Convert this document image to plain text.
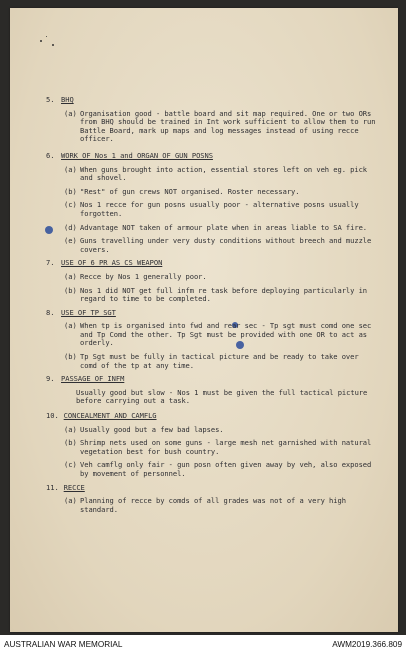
5. BHQ
(a) Organisation good - battle board and sit map required. One or two ORs from BHQ should be trained in Int work sufficient to allow them to run Battle Board, mark up maps and log messages instead of using recce officer.
6. WORK OF Nos 1 and ORGAN OF GUN POSNS
(a) When guns brought into action, essential stores left on veh eg. pick and shovel.
(b) "Rest" of gun crews NOT organised. Roster necessary.
(c) Nos 1 recce for gun posns usually poor - alternative posns usually forgotten.
(d) Advantage NOT taken of armour plate when in areas liable to SA fire.
(e) Guns travelling under very dusty conditions without breech and muzzle covers.
7. USE OF 6 PR AS CS WEAPON
(a) Recce by Nos 1 generally poor.
(b) Nos 1 did NOT get full infm re task before deploying particularly in regard to time to be completed.
8. USE OF TP SGT
(a) When tp is organised into fwd and rear sec - Tp sgt must comd one sec and Tp Comd the other. Tp Sgt must be provided with one OR to act as orderly.
(b) Tp Sgt must be fully in tactical picture and be ready to take over comd of the tp at any time.
9. PASSAGE OF INFM
Usually good but slow - Nos 1 must be given the full tactical picture before carrying out a task.
10. CONCEALMENT AND CAMFLG
(a) Usually good but a few bad lapses.
(b) Shrimp nets used on some guns - large mesh net garnished with natural vegetation best for bush country.
(c) Veh camflg only fair - gun posn often given away by veh, also exposed by movement of personnel.
11. RECCE
(a) Planning of recce by comds of all grades was not of a very high standard.
AUSTRALIAN WAR MEMORIAL	AWM2019.366.809
